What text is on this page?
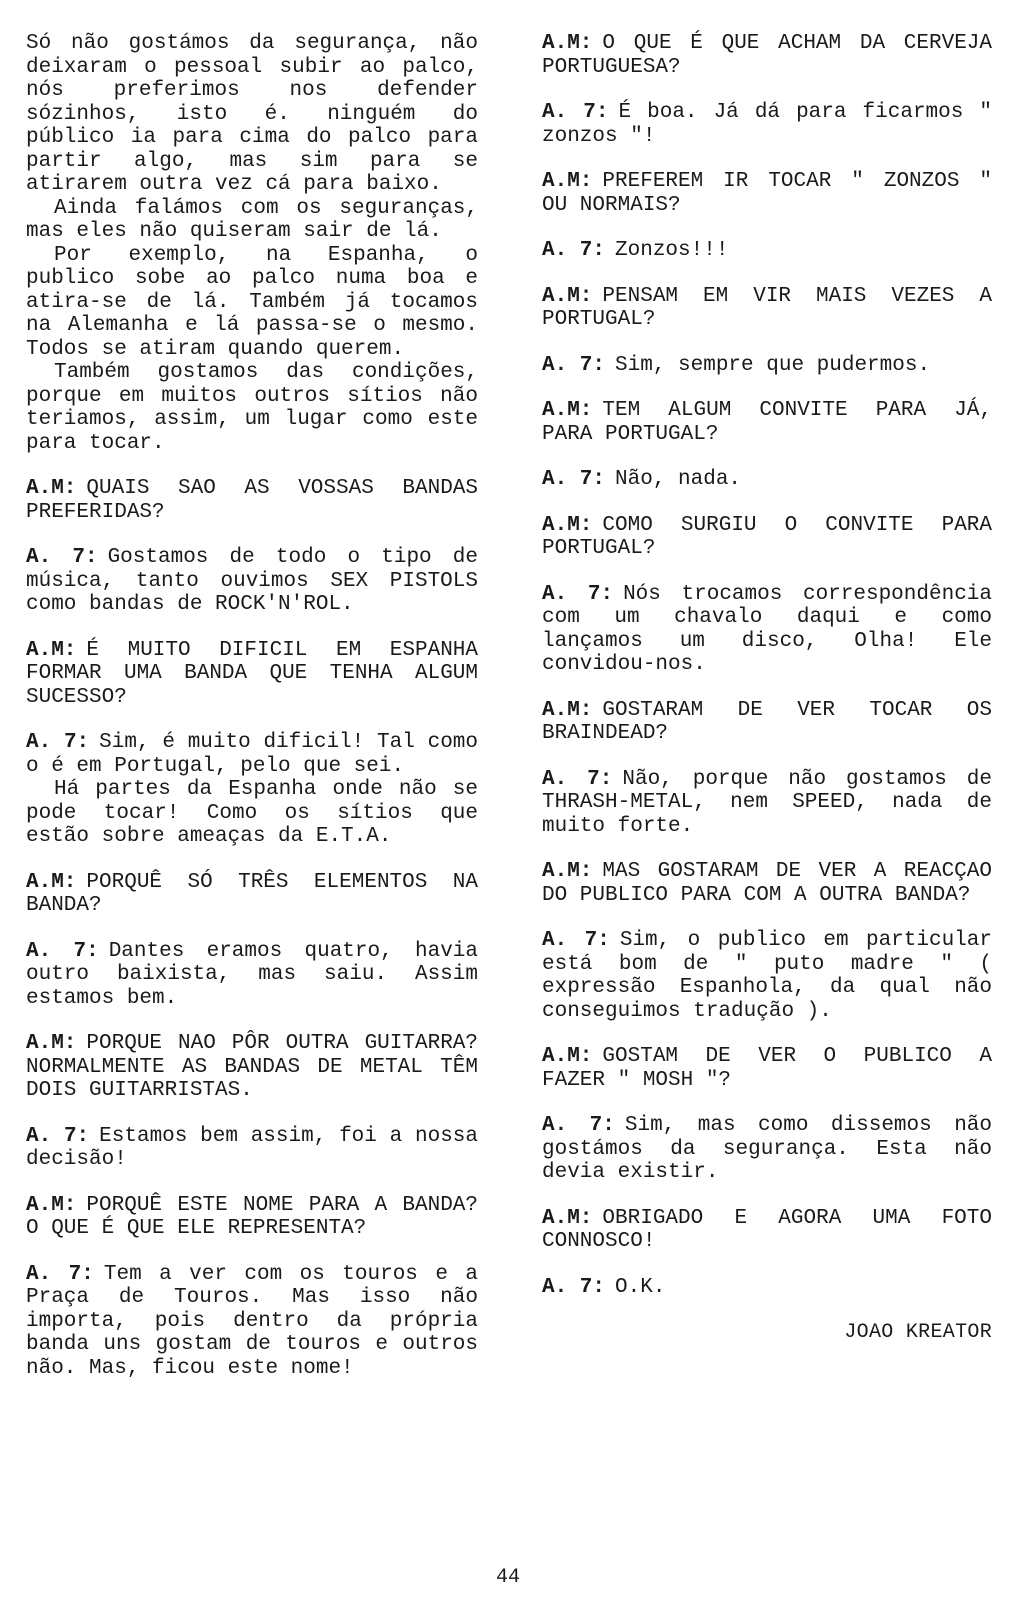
Só não gostámos da segurança, não deixaram o pessoal subir ao palco, nós preferimos nos defender sózinhos, isto é. ninguém do público ia para cima do palco para partir algo, mas sim para se atirarem outra vez cá para baixo.

Ainda falámos com os seguranças, mas eles não quiseram sair de lá.

Por exemplo, na Espanha, o publico sobe ao palco numa boa e atira-se de lá. Também já tocamos na Alemanha e lá passa-se o mesmo. Todos se atiram quando querem.

Também gostamos das condições, porque em muitos outros sítios não teriamos, assim, um lugar como este para tocar.

A.M: QUAIS SAO AS VOSSAS BANDAS PREFERIDAS?

A. 7: Gostamos de todo o tipo de música, tanto ouvimos SEX PISTOLS como bandas de ROCK'N'ROL.

A.M: É MUITO DIFICIL EM ESPANHA FORMAR UMA BANDA QUE TENHA ALGUM SUCESSO?

A. 7: Sim, é muito dificil! Tal como o é em Portugal, pelo que sei.

Há partes da Espanha onde não se pode tocar! Como os sítios que estão sobre ameaças da E.T.A.

A.M: PORQUÊ SÓ TRÊS ELEMENTOS NA BANDA?

A. 7: Dantes eramos quatro, havia outro baixista, mas saiu. Assim estamos bem.

A.M: PORQUE NAO PÔR OUTRA GUITARRA? NORMALMENTE AS BANDAS DE METAL TÊM DOIS GUITARRISTAS.

A. 7: Estamos bem assim, foi a nossa decisão!

A.M: PORQUÊ ESTE NOME PARA A BANDA? O QUE É QUE ELE REPRESENTA?

A. 7: Tem a ver com os touros e a Praça de Touros. Mas isso não importa, pois dentro da própria banda uns gostam de touros e outros não. Mas, ficou este nome!

A.M: O QUE É QUE ACHAM DA CERVEJA PORTUGUESA?

A. 7: É boa. Já dá para ficarmos " zonzos "!

A.M: PREFEREM IR TOCAR " ZONZOS " OU NORMAIS?

A. 7: Zonzos!!!

A.M: PENSAM EM VIR MAIS VEZES A PORTUGAL?

A. 7: Sim, sempre que pudermos.

A.M: TEM ALGUM CONVITE PARA JÁ, PARA PORTUGAL?

A. 7: Não, nada.

A.M: COMO SURGIU O CONVITE PARA PORTUGAL?

A. 7: Nós trocamos correspondência com um chavalo daqui e como lançamos um disco, Olha! Ele convidou-nos.

A.M: GOSTARAM DE VER TOCAR OS BRAINDEAD?

A. 7: Não, porque não gostamos de THRASH-METAL, nem SPEED, nada de muito forte.

A.M: MAS GOSTARAM DE VER A REACÇAO DO PUBLICO PARA COM A OUTRA BANDA?

A. 7: Sim, o publico em particular está bom de " puto madre " ( expressão Espanhola, da qual não conseguimos tradução ).

A.M: GOSTAM DE VER O PUBLICO A FAZER " MOSH "?

A. 7: Sim, mas como dissemos não gostámos da segurança. Esta não devia existir.

A.M: OBRIGADO E AGORA UMA FOTO CONNOSCO!

A. 7: O.K.

JOAO KREATOR
44
